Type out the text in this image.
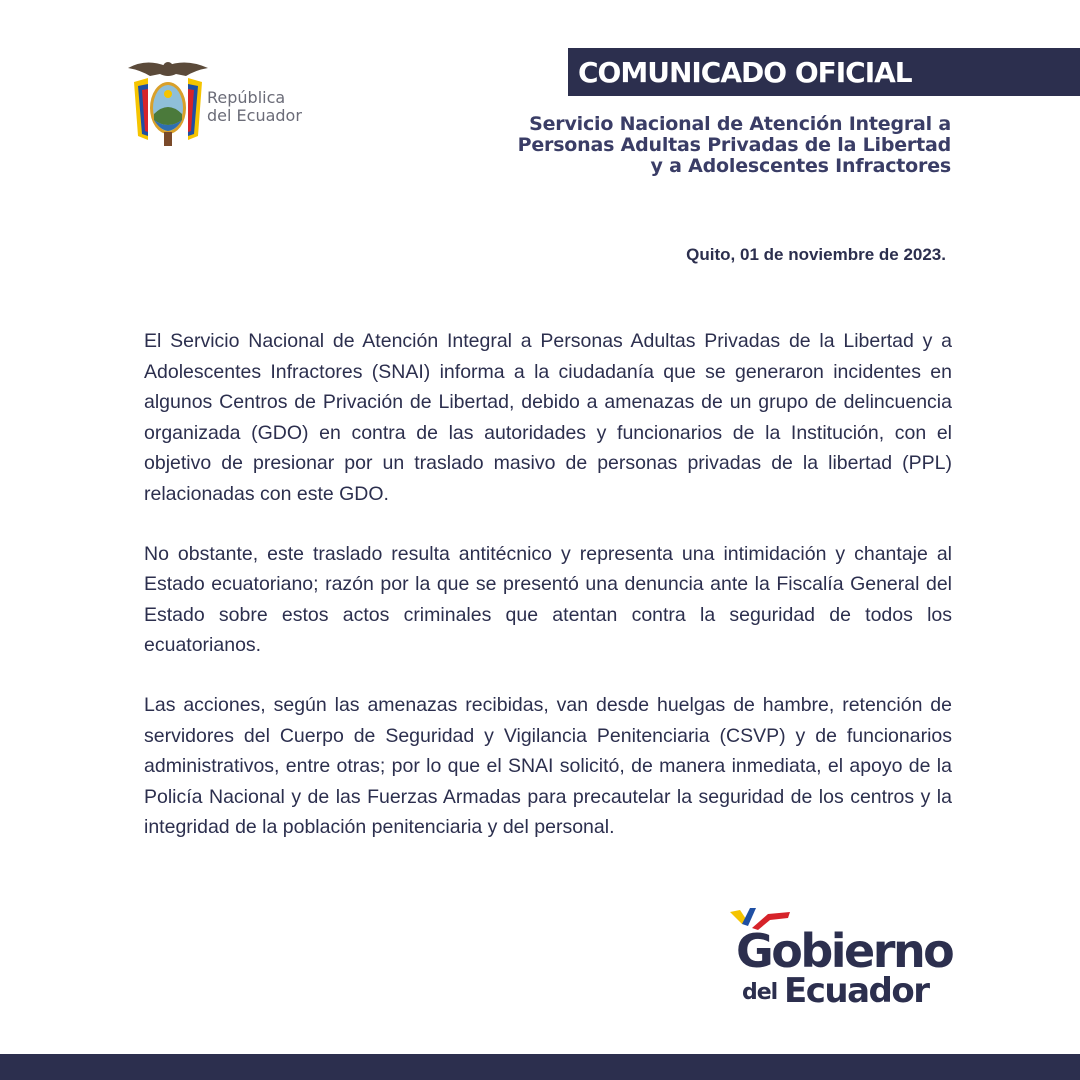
República
del Ecuador
COMUNICADO OFICIAL
Servicio Nacional de Atención Integral a
Personas Adultas Privadas de la Libertad
y a Adolescentes Infractores
Quito, 01 de noviembre de 2023.

El Servicio Nacional de Atención Integral a Personas Adultas Privadas de la Libertad y a Adolescentes Infractores (SNAI) informa a la ciudadanía que se generaron incidentes en algunos Centros de Privación de Libertad, debido a amenazas de un grupo de delincuencia organizada (GDO) en contra de las autoridades y funcionarios de la Institución, con el objetivo de presionar por un traslado masivo de personas privadas de la libertad (PPL) relacionadas con este GDO.

No obstante, este traslado resulta antitécnico y representa una intimidación y chantaje al Estado ecuatoriano; razón por la que se presentó una denuncia ante la Fiscalía General del Estado sobre estos actos criminales que atentan contra la seguridad de todos los ecuatorianos.

Las acciones, según las amenazas recibidas, van desde huelgas de hambre, retención de servidores del Cuerpo de Seguridad y Vigilancia Penitenciaria (CSVP) y de funcionarios administrativos, entre otras; por lo que el SNAI solicitó, de manera inmediata, el apoyo de la Policía Nacional y de las Fuerzas Armadas para precautelar la seguridad de los centros y la integridad de la población penitenciaria y del personal.

Gobierno
del Ecuador
